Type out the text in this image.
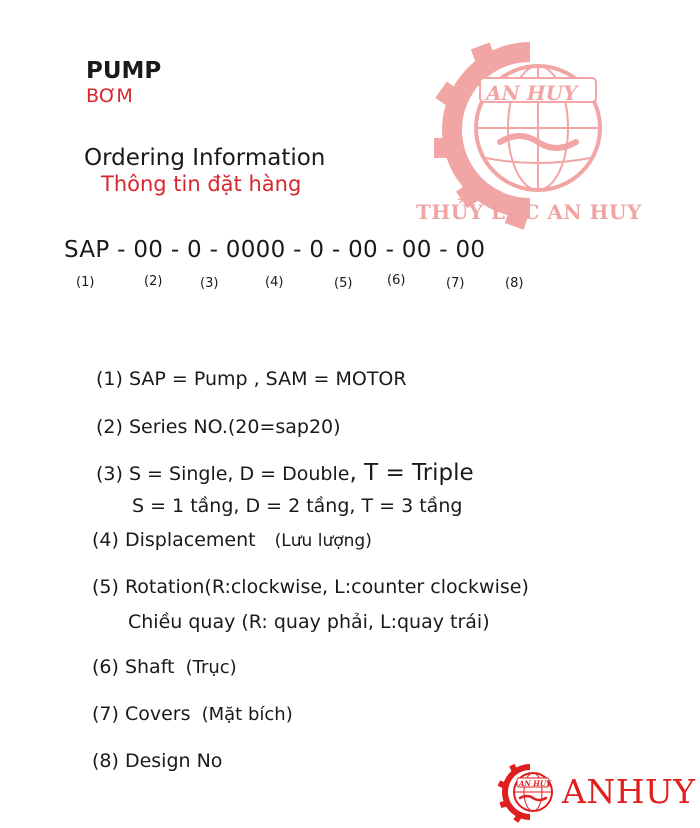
PUMP
BƠM
Ordering Information
Thông tin đặt hàng
AN HUY
THỦY LỰC AN HUY
SAP - 00 - 0 - 0000 - 0 - 00 - 00 - 00
(1)	(2)	(3)	(4)	(5)	(6)	(7)	(8)
(1) SAP = Pump , SAM = MOTOR
(2) Series NO.(20=sap20)
(3) S = Single, D = Double, T = Triple
S = 1 tầng, D = 2 tầng, T = 3 tầng
(4) Displacement (Lưu lượng)
(5) Rotation(R:clockwise, L:counter clockwise)
Chiều quay (R: quay phải, L:quay trái)
(6) Shaft (Trục)
(7) Covers (Mặt bích)
(8) Design No
AN HUY ANHUY
